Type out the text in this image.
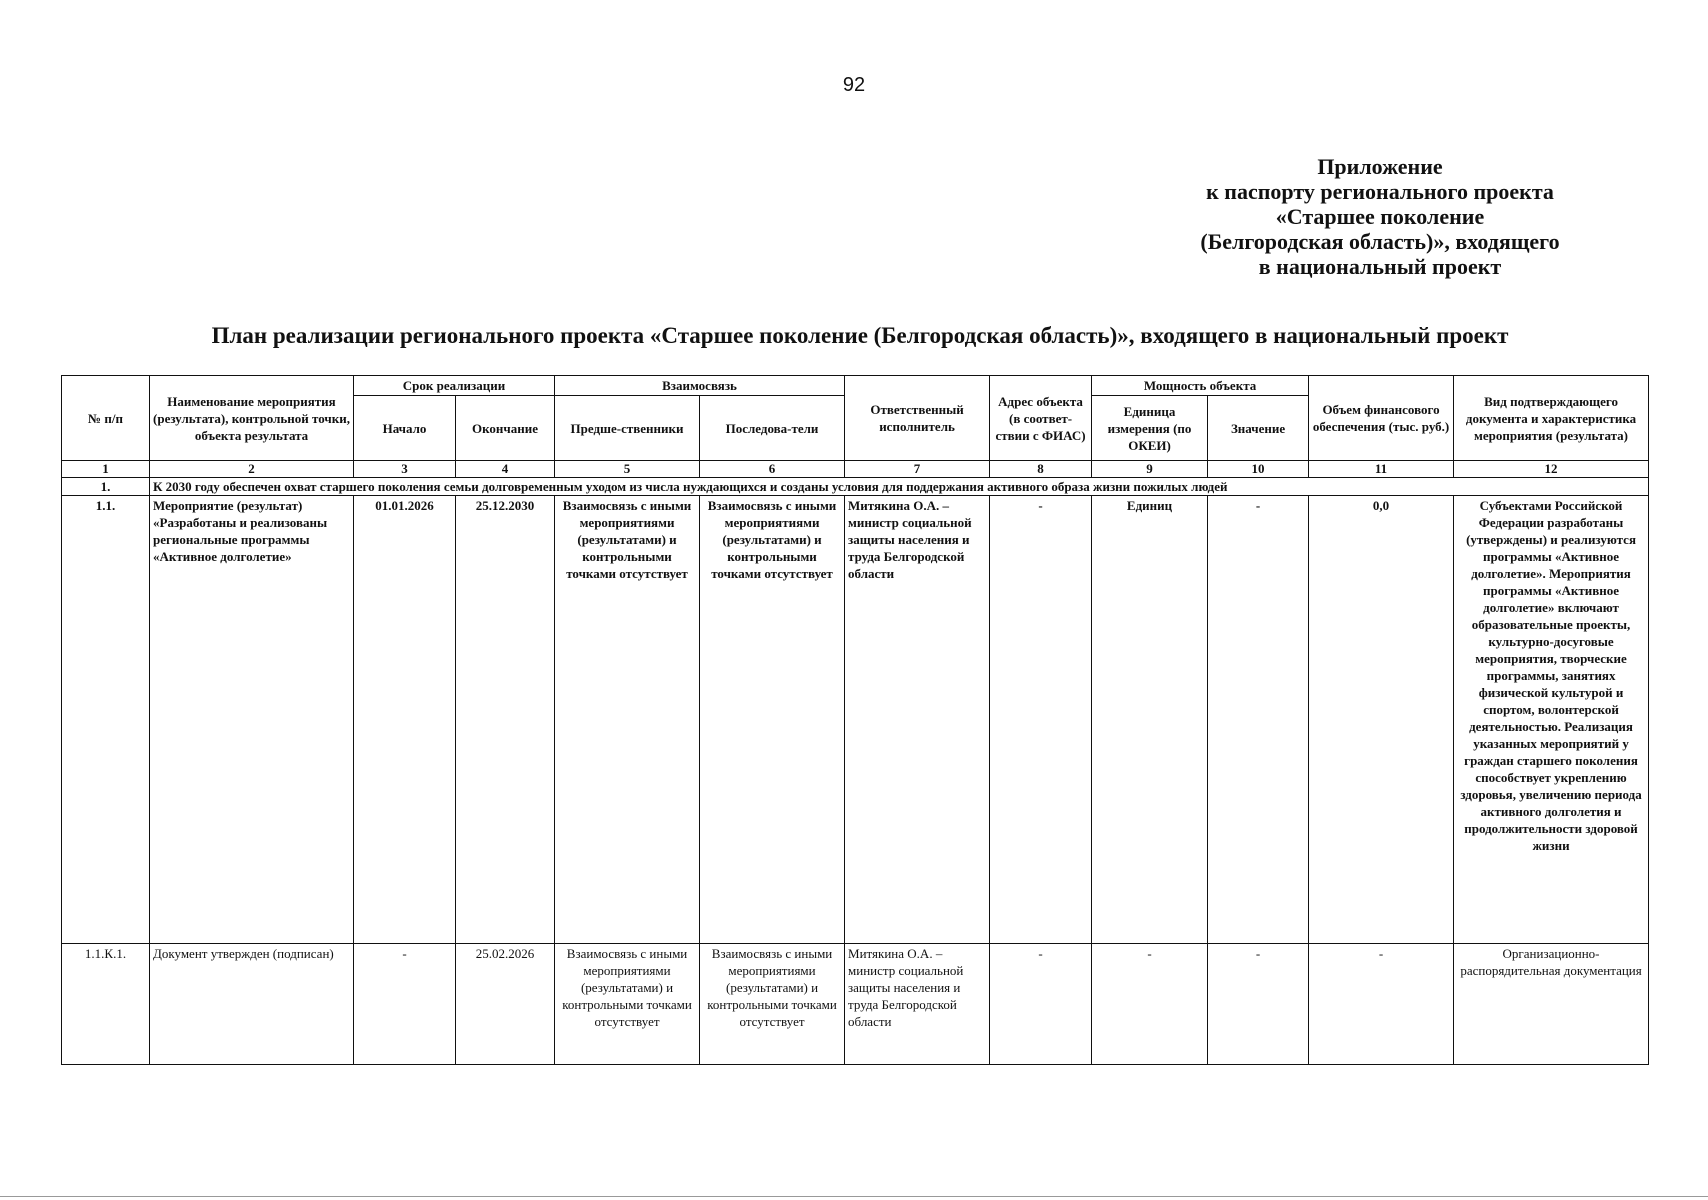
92
Приложение
к паспорту регионального проекта
«Старшее поколение
(Белгородская область)», входящего
в национальный проект
План реализации регионального проекта «Старшее поколение (Белгородская область)», входящего в национальный проект
№ п/п	Наименование мероприятия (результата), контрольной точки, объекта результата	Срок реализации		Взаимосвязь		Ответственный исполнитель	Адрес объекта (в соответ-ствии с ФИАС)	Мощность объекта		Объем финансового обеспечения (тыс. руб.)	Вид подтверждающего документа и характеристика мероприятия (результата)
		Начало	Окончание	Предше-ственники	Последова-тели			Единица измерения (по ОКЕИ)	Значение		
1	2	3	4	5	6	7	8	9	10	11	12
1.	К 2030 году обеспечен охват старшего поколения семьи долговременным уходом из числа нуждающихся и созданы условия для поддержания активного образа жизни пожилых людей										
1.1.	Мероприятие (результат) «Разработаны и реализованы региональные программы «Активное долголетие»	01.01.2026	25.12.2030	Взаимосвязь с иными мероприятиями (результатами) и контрольными точками отсутствует	Взаимосвязь с иными мероприятиями (результатами) и контрольными точками отсутствует	Митякина О.А. – министр социальной защиты населения и труда Белгородской области	-	Единиц	-	0,0	Субъектами Российской Федерации разработаны (утверждены) и реализуются программы «Активное долголетие». Мероприятия программы «Активное долголетие» включают образовательные проекты, культурно-досуговые мероприятия, творческие программы, занятиях физической культурой и спортом, волонтерской деятельностью. Реализация указанных мероприятий у граждан старшего поколения способствует укреплению здоровья, увеличению периода активного долголетия и продолжительности здоровой жизни
1.1.К.1.	Документ утвержден (подписан)	-	25.02.2026	Взаимосвязь с иными мероприятиями (результатами) и контрольными точками отсутствует	Взаимосвязь с иными мероприятиями (результатами) и контрольными точками отсутствует	Митякина О.А. – министр социальной защиты населения и труда Белгородской области	-	-	-	-	Организационно-распорядительная документация
